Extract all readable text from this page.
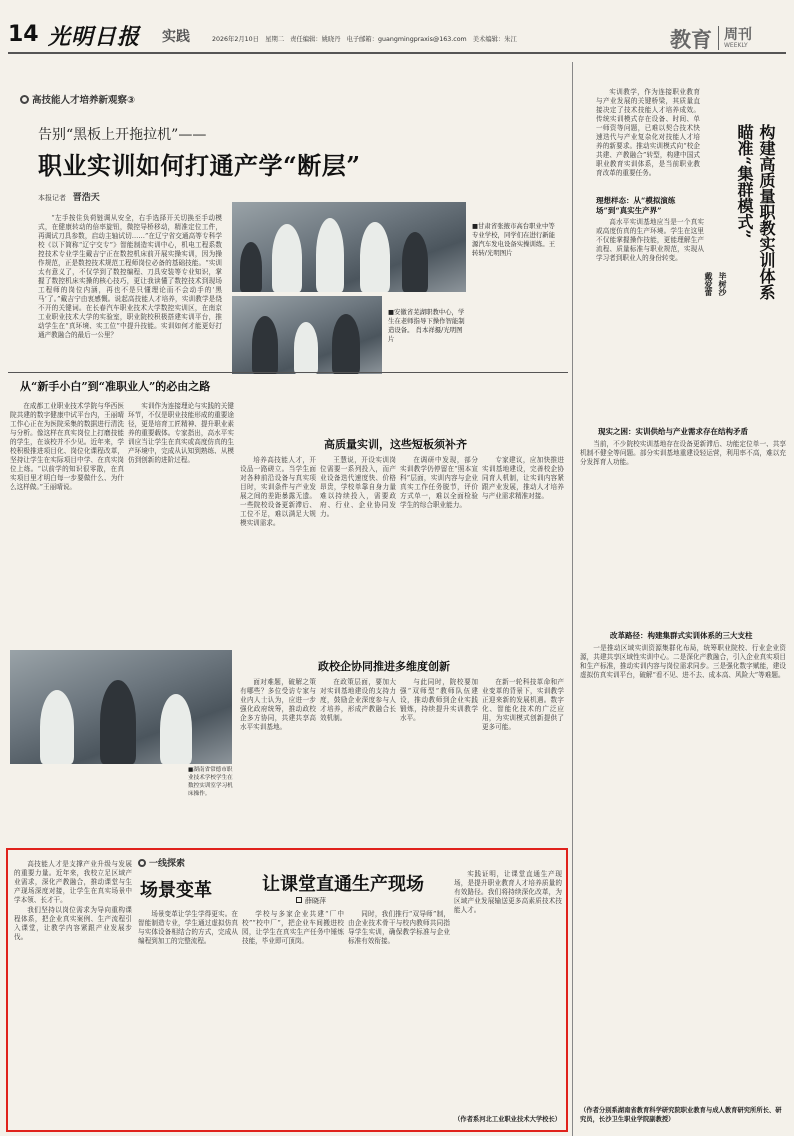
14 光明日报 实践	2026年2月10日　星期二 责任编辑：姚晓丹 电子邮箱：guangmingpraxis@163.com 美术编辑：朱江	教育 周刊
WEEKLY
高技能人才培养新观察③
告别“黑板上开拖拉机”——
职业实训如何打通产学“断层”
本报记者 晋浩天

“左手按住负荷链调从安全，右手选择开关切换至手动模式，在健康转动的倍率旋钮，微控导桥移动，精准定位工件，再调试刀具参数，启动主轴试切……”在辽宁省交通高等专科学校《以下简称“辽宁交专”》智能制造实训中心，机电工程系数控技术专业学生戴吉宁正在数控机床前开展实操实训，因为操作规范，正是数控技术规范工程师岗位必备的基础技能。“实训太有意义了，不仅学到了数控编程、刀具安装等专业知识，掌握了数控机床实操的核心技巧，更让我读懂了数控技术到现场工程师的岗位内涵，再也不是只懂理论而不会动手的‘黑马’了。”戴吉宁由衷感慨。说起高技能人才培养，实训教学是绕不开的关键词。在长春汽车职业技术大学数控实训区，在南京工业职业技术大学的实验室，职业院校积极搭建实训平台，推动学生在“真环境、实工位”中提升技能。实训如何才能更好打通产教融合的最后一公里？

■甘肃省张掖市高台职业中等专业学校，同学们在进行新能源汽车发电设备实操训练。王转转/光明图片
■安徽省芜湖职教中心，学生在老师指导下操作智能制造设备。 肖本祥摄/光明图片
从“新手小白”到“准职业人”的必由之路

在成都工业职业技术学院与华西医院共建的数字健康中试平台内，王丽晴工作心正在为医院采集的数据进行清洗与分析。像这样在真实岗位上打磨技能的学生，在该校并不少见。近年来，学校积极推进项目化、岗位化课程改革，坚持让学生在实际项目中学、在真实岗位上练。“以前学的知识很零散，在真实项目里才明白每一步要做什么、为什么这样做。”王丽晴说。

实训作为连接理论与实践的关键环节，不仅是职业技能形成的重要途径，更是培育工匠精神、提升职业素养的重要载体。专家指出，高水平实训应当让学生在真实或高度仿真的生产环境中，完成从认知到熟练、从模仿到创新的进阶过程。

高质量实训，这些短板须补齐

培养高技能人才，开设品一路磋立。当学生面对各种前沿设备与真实项目时，实训条件与产业发展之间的差距暴露无遗。一些院校设备更新滞后、工位不足，难以满足大规模实训需求。

王慧说，开设实训岗位需要一系列投入，而产业设备迭代速度快、价格昂贵，学校单靠自身力量难以持续投入，需要政府、行业、企业协同发力。

在调研中发现，部分实训教学仍停留在“照本宣科”层面，实训内容与企业真实工作任务脱节，评价方式单一，难以全面检验学生的综合职业能力。

专家建议，应加快推进实训基地建设，完善校企协同育人机制，让实训内容紧跟产业发展，推动人才培养与产业需求精准对接。

■湖南省常德市职业技术学校学生在数控实训室学习机床操作。
政校企协同推进多维度创新

面对难题，破解之策有哪些？多位受访专家与业内人士认为，应进一步强化政府统筹，推动政校企多方协同，共建共享高水平实训基地。

在政策层面，要加大对实训基地建设的支持力度，鼓励企业深度参与人才培养，形成产教融合长效机制。

与此同时，院校要加强“双师型”教师队伍建设，推动教师到企业实践锻炼，持续提升实训教学水平。

在新一轮科技革命和产业变革的背景下，实训教学正迎来新的发展机遇。数字化、智能化技术的广泛应用，为实训模式创新提供了更多可能。

实训教学，作为连接职业教育与产业发展的关键桥梁，其质量直接决定了技术技能人才培养成效。传统实训模式存在设备、时间、单一师资等问题，已难以契合技术快速迭代与产业复杂化对技能人才培养的新要求。推动实训模式向“校企共建、产教融合”转型，构建中国式职业教育实训体系，是当前职业教育改革的重要任务。	构建高质量职教实训体系
瞄准“集群模式”
毕树沙
戴爱蕾
理想样态：从“模拟演练场”到“真实生产界”

高水平实训基地应当是一个真实或高度仿真的生产环境。学生在这里不仅能掌握操作技能，更能理解生产流程、质量标准与职业规范，实现从学习者到职业人的身份转变。

现实之困：实训供给与产业需求存在结构矛盾

当前，不少院校实训基地存在设备更新滞后、功能定位单一、共享机制不健全等问题。部分实训基地重建设轻运营，利用率不高，难以充分发挥育人功能。

改革路径：构建集群式实训体系的三大支柱

一是推动区域实训资源集群化布局，统筹职业院校、行业企业资源，共建共享区域性实训中心。二是深化产教融合，引入企业真实项目和生产标准，推动实训内容与岗位需求同步。三是强化数字赋能，建设虚拟仿真实训平台，破解“看不见、进不去、成本高、风险大”等难题。

（作者分别系湖南省教育科学研究院职业教育与成人教育研究所所长、研究员，长沙卫生职业学院副教授）
一线探索
场景变革	让课堂直通生产现场
薛晓萍

高技能人才是支撑产业升级与发展的重要力量。近年来，我校立足区域产业需求，深化产教融合，推动课堂与生产现场深度对接，让学生在真实场景中学本领、长才干。

我们坚持以岗位需求为导向重构课程体系，把企业真实案例、生产流程引入课堂，让教学内容紧跟产业发展步伐。

场景变革让学生学得更实。在智能制造专业，学生通过虚拟仿真与实体设备相结合的方式，完成从编程到加工的完整流程。

学校与多家企业共建“厂中校”“校中厂”，把企业车间搬进校园，让学生在真实生产任务中锤炼技能，毕业即可顶岗。

同时，我们推行“双导师”制，由企业技术骨干与校内教师共同指导学生实训，确保教学标准与企业标准有效衔接。

实践证明，让课堂直通生产现场，是提升职业教育人才培养质量的有效路径。我们将持续深化改革，为区域产业发展输送更多高素质技术技能人才。

（作者系河北工业职业技术大学校长）
